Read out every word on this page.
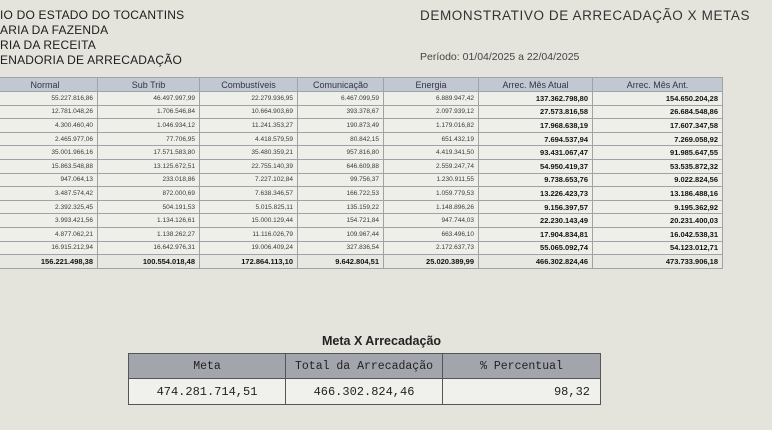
IO DO ESTADO DO TOCANTINS
ARIA DA FAZENDA
RIA DA RECEITA
ENADORIA DE ARRECADAÇÃO
DEMONSTRATIVO DE ARRECADAÇÃO X METAS
Período: 01/04/2025 a 22/04/2025
Normal	Sub Trib	Combustíveis	Comunicação	Energia	Arrec. Mês Atual	Arrec. Mês Ant.
55.227.816,86	46.497.997,99	22.279.936,95	6.467.099,59	6.889.947,42	137.362.798,80	154.650.204,28
12.781.048,26	1.706.546,84	10.664.903,69	393.378,67	2.097.939,12	27.573.816,58	26.684.548,86
4.300.460,40	1.046.934,12	11.241.353,27	190.873,49	1.179.016,82	17.968.638,19	17.607.347,58
2.465.977,06	77.706,95	4.418.579,59	80.842,15	651.432,19	7.694.537,94	7.269.058,92
35.001.966,16	17.571.583,80	35.480.359,21	957.816,80	4.419.341,50	93.431.067,47	91.985.647,55
15.863.548,88	13.125.672,51	22.755.140,39	646.609,88	2.559.247,74	54.950.419,37	53.535.872,32
947.064,13	233.018,86	7.227.102,84	99.756,37	1.230.911,55	9.738.653,76	9.022.824,56
3.487.574,42	872.000,69	7.638.346,57	166.722,53	1.059.779,53	13.226.423,73	13.186.488,16
2.392.325,45	504.191,53	5.015.825,11	135.159,22	1.148.896,26	9.156.397,57	9.195.362,92
3.993.421,56	1.134.126,61	15.000.129,44	154.721,84	947.744,03	22.230.143,49	20.231.400,03
4.877.062,21	1.138.262,27	11.116.026,79	109.967,44	663.496,10	17.904.834,81	16.042.538,31
16.915.212,94	16.642.976,31	19.006.409,24	327.836,54	2.172.637,73	55.065.092,74	54.123.012,71
156.221.498,38	100.554.018,48	172.864.113,10	9.642.804,51	25.020.389,99	466.302.824,46	473.733.906,18
Meta X Arrecadação
Meta	Total da Arrecadação	% Percentual
474.281.714,51	466.302.824,46	98,32
